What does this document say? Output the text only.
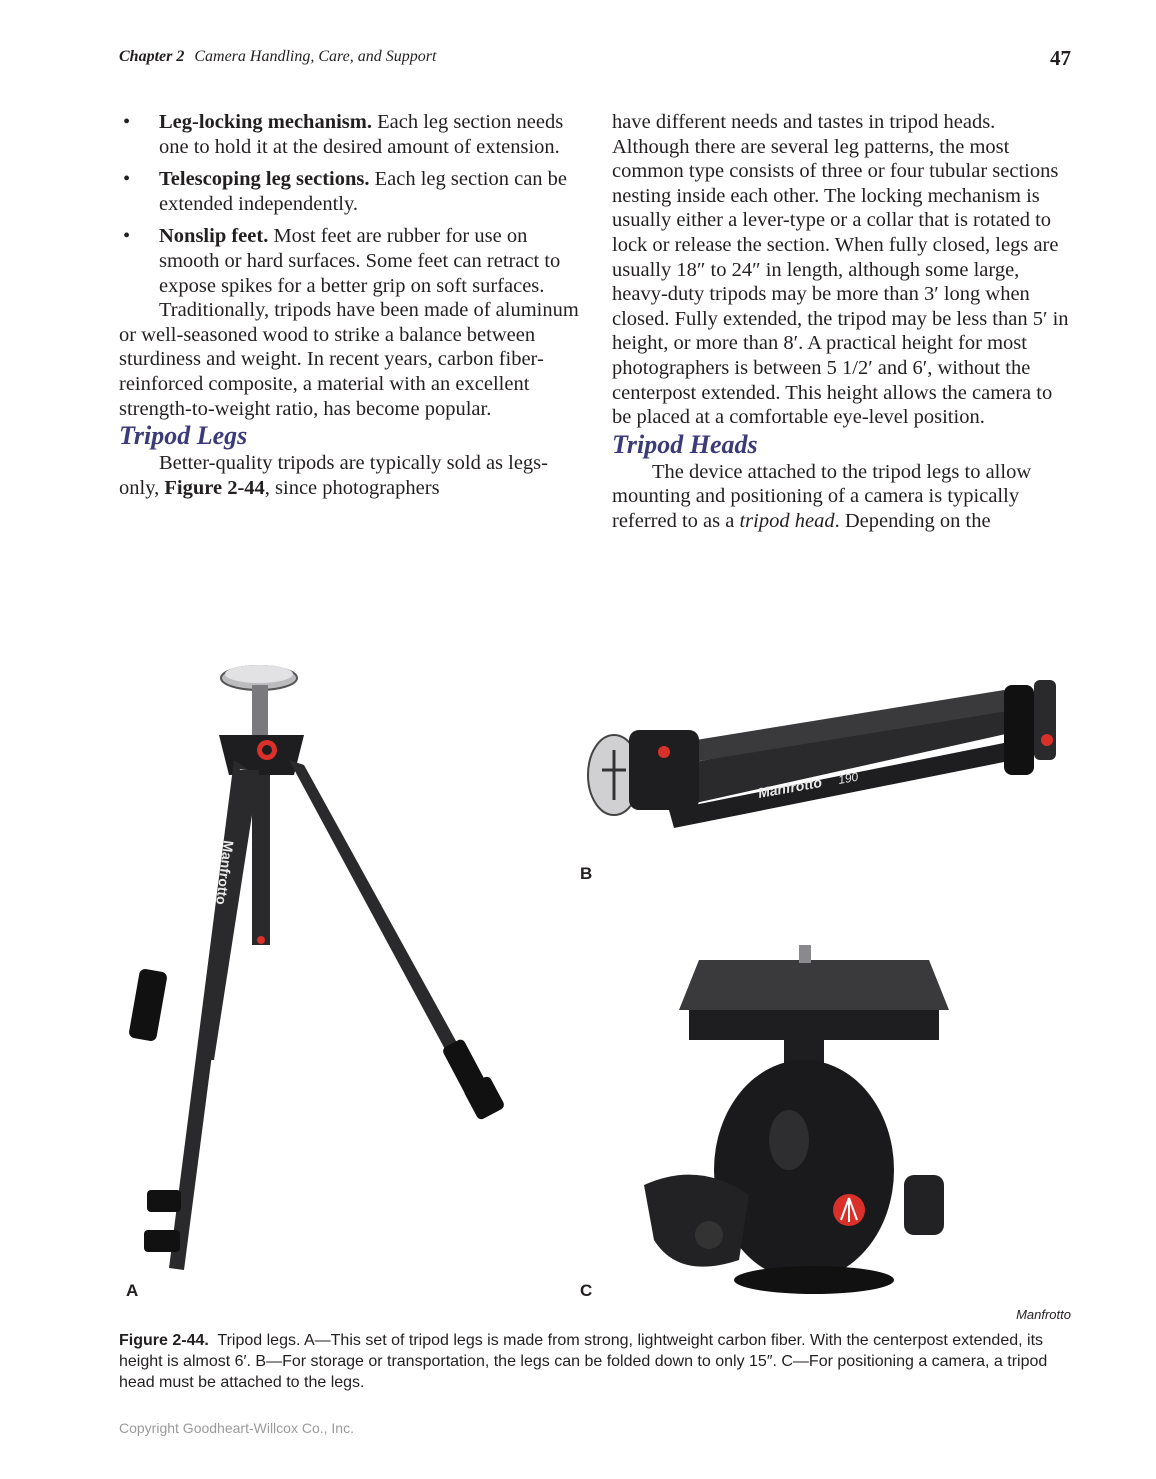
Chapter 2 Camera Handling, Care, and Support	47
• Leg-locking mechanism. Each leg section needs one to hold it at the desired amount of extension.
• Telescoping leg sections. Each leg section can be extended independently.
• Nonslip feet. Most feet are rubber for use on smooth or hard surfaces. Some feet can retract to expose spikes for a better grip on soft surfaces.

Traditionally, tripods have been made of aluminum or well-seasoned wood to strike a balance between sturdiness and weight. In recent years, carbon fiber-reinforced composite, a material with an excellent strength-to-weight ratio, has become popular.

Tripod Legs

Better-quality tripods are typically sold as legs-only, Figure 2-44, since photographers

have different needs and tastes in tripod heads. Although there are several leg patterns, the most common type consists of three or four tubular sections nesting inside each other. The locking mechanism is usually either a lever-type or a collar that is rotated to lock or release the section. When fully closed, legs are usually 18″ to 24″ in length, although some large, heavy-duty tripods may be more than 3′ long when closed. Fully extended, the tripod may be less than 5′ in height, or more than 8′. A practical height for most photographers is between 5 1/2′ and 6′, without the centerpost extended. This height allows the camera to be placed at a comfortable eye-level position.

Tripod Heads

The device attached to the tripod legs to allow mounting and positioning of a camera is typically referred to as a tripod head. Depending on the

Manfrotto
Manfrotto 190
A
B
C
Manfrotto
Figure 2-44. Tripod legs. A—This set of tripod legs is made from strong, lightweight carbon fiber. With the centerpost extended, its height is almost 6′. B—For storage or transportation, the legs can be folded down to only 15″. C—For positioning a camera, a tripod head must be attached to the legs.
Copyright Goodheart-Willcox Co., Inc.
